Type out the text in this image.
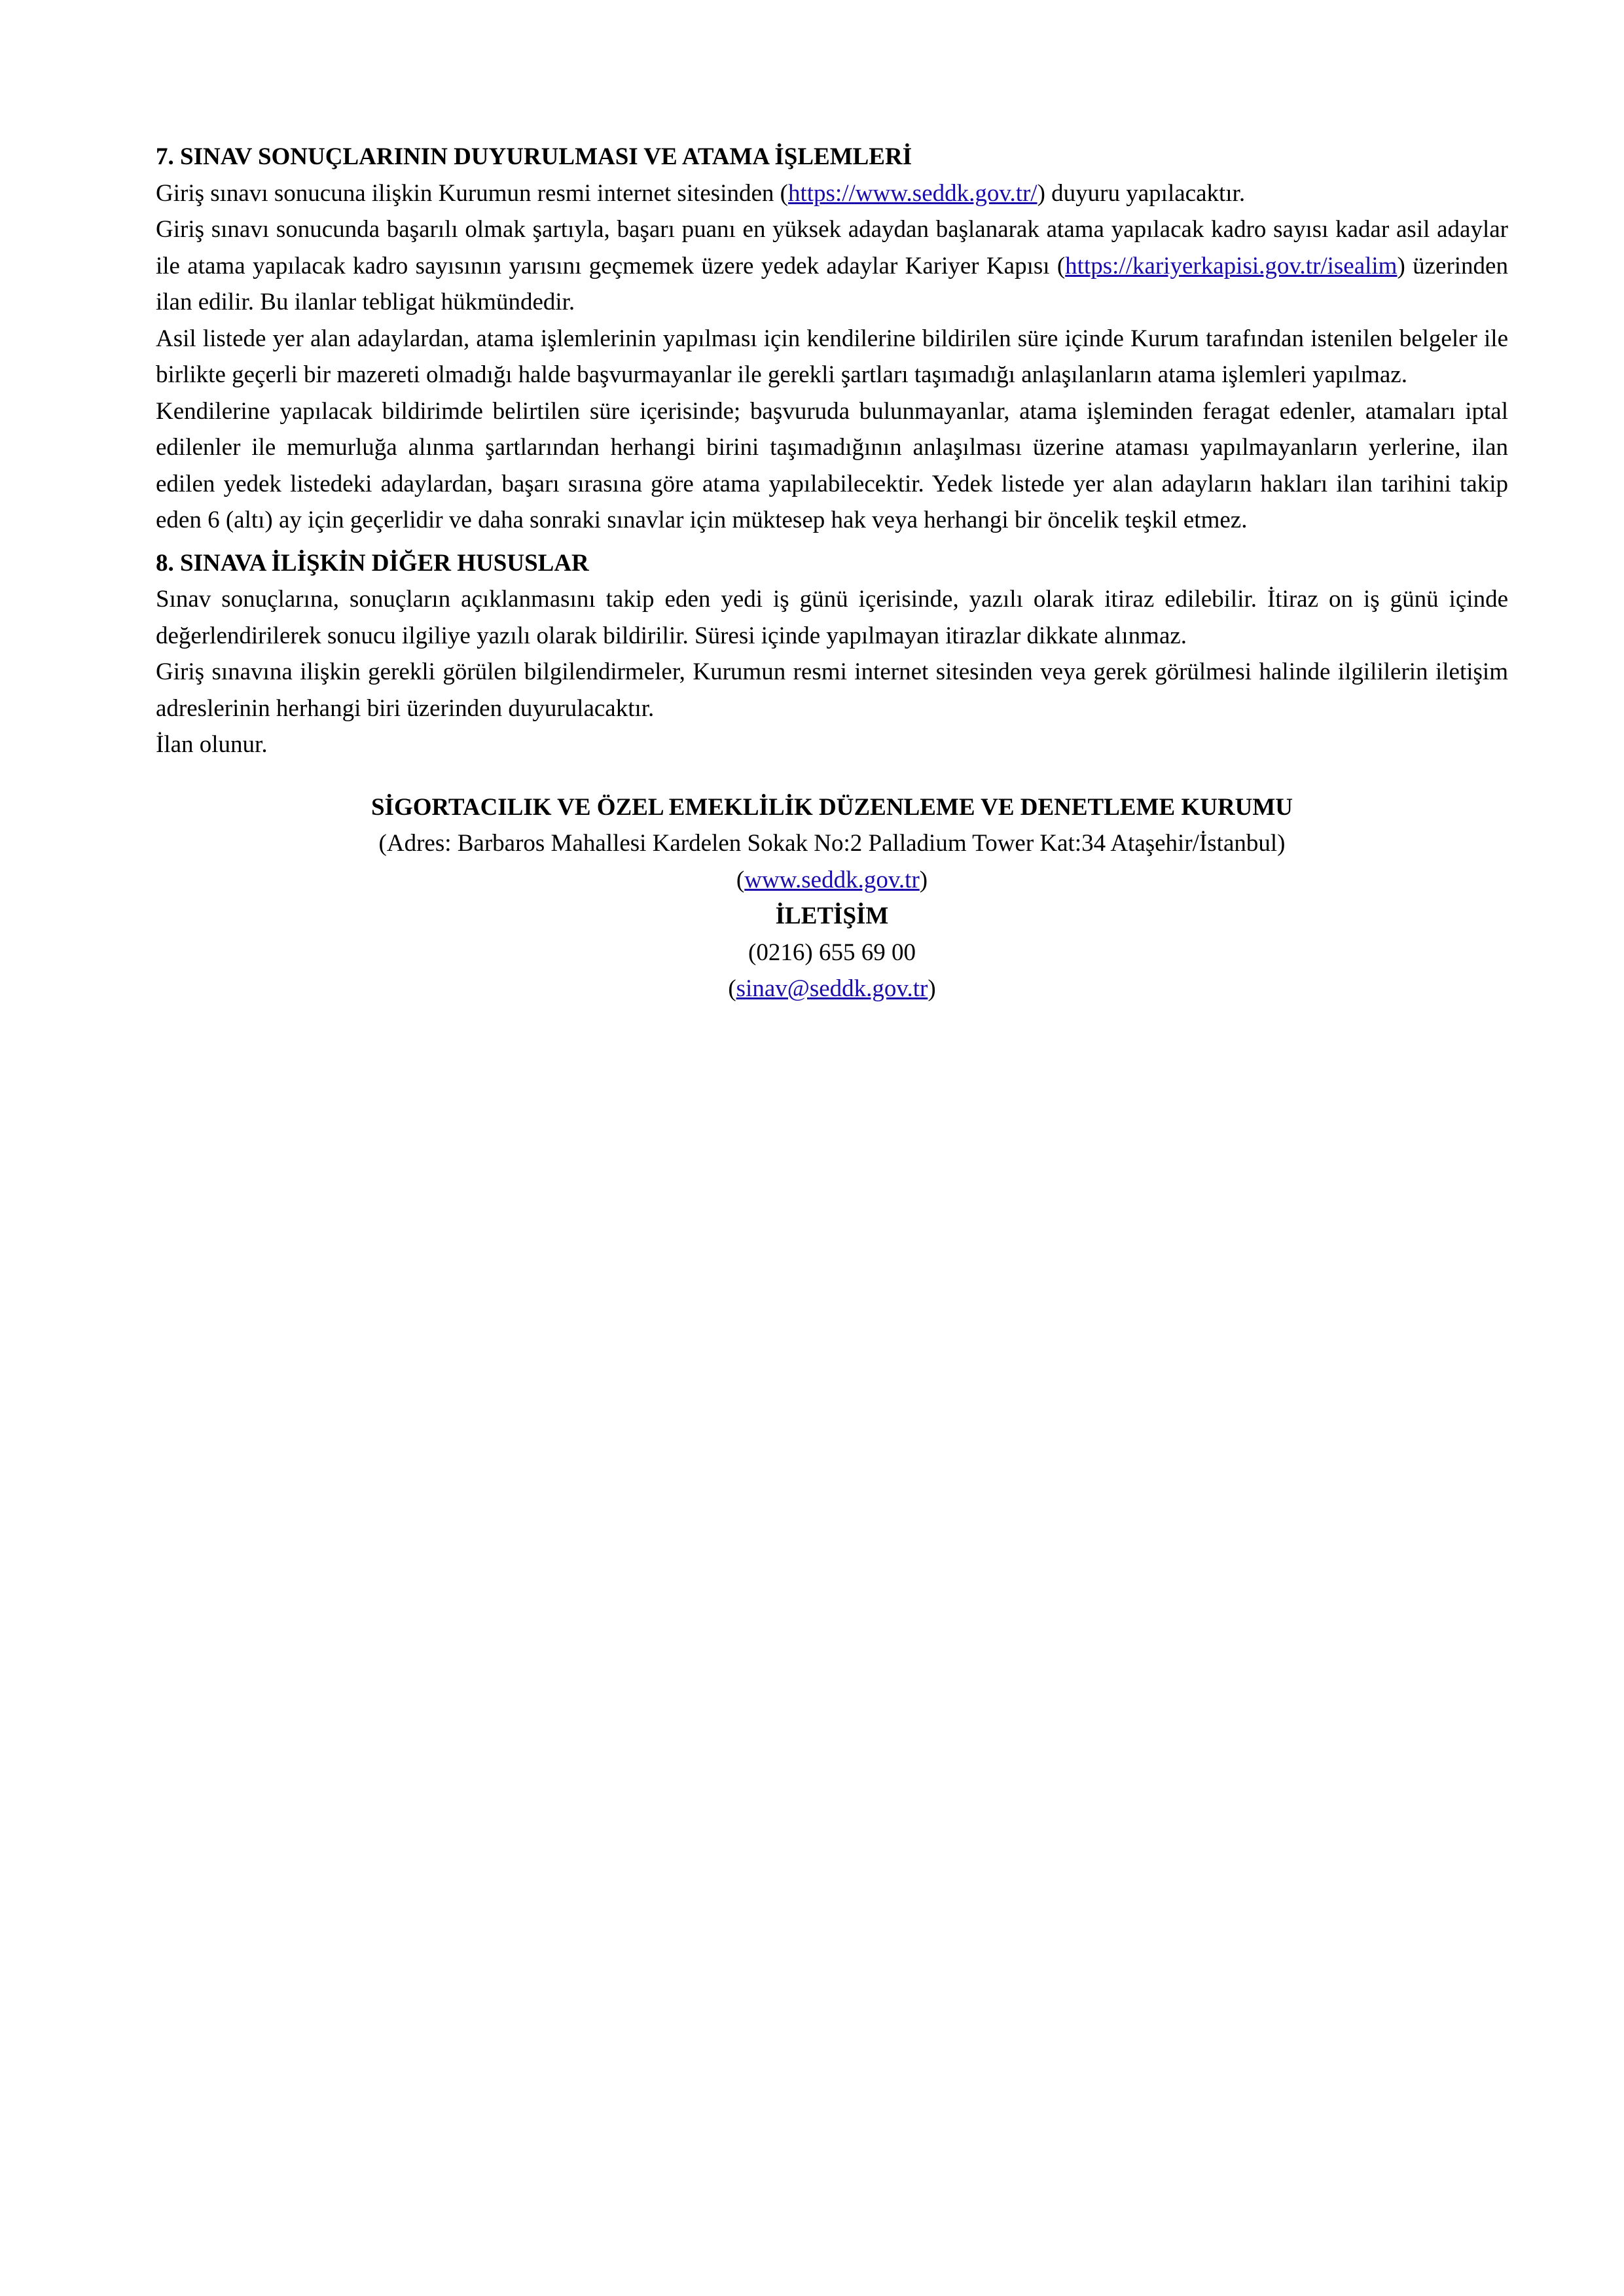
7. SINAV SONUÇLARININ DUYURULMASI VE ATAMA İŞLEMLERİ

Giriş sınavı sonucuna ilişkin Kurumun resmi internet sitesinden (https://www.seddk.gov.tr/) duyuru yapılacaktır.

Giriş sınavı sonucunda başarılı olmak şartıyla, başarı puanı en yüksek adaydan başlanarak atama yapılacak kadro sayısı kadar asil adaylar ile atama yapılacak kadro sayısının yarısını geçmemek üzere yedek adaylar Kariyer Kapısı (https://kariyerkapisi.gov.tr/isealim) üzerinden ilan edilir. Bu ilanlar tebligat hükmündedir.

Asil listede yer alan adaylardan, atama işlemlerinin yapılması için kendilerine bildirilen süre içinde Kurum tarafından istenilen belgeler ile birlikte geçerli bir mazereti olmadığı halde başvurmayanlar ile gerekli şartları taşımadığı anlaşılanların atama işlemleri yapılmaz.

Kendilerine yapılacak bildirimde belirtilen süre içerisinde; başvuruda bulunmayanlar, atama işleminden feragat edenler, atamaları iptal edilenler ile memurluğa alınma şartlarından herhangi birini taşımadığının anlaşılması üzerine ataması yapılmayanların yerlerine, ilan edilen yedek listedeki adaylardan, başarı sırasına göre atama yapılabilecektir. Yedek listede yer alan adayların hakları ilan tarihini takip eden 6 (altı) ay için geçerlidir ve daha sonraki sınavlar için müktesep hak veya herhangi bir öncelik teşkil etmez.

8. SINAVA İLİŞKİN DİĞER HUSUSLAR

Sınav sonuçlarına, sonuçların açıklanmasını takip eden yedi iş günü içerisinde, yazılı olarak itiraz edilebilir. İtiraz on iş günü içinde değerlendirilerek sonucu ilgiliye yazılı olarak bildirilir. Süresi içinde yapılmayan itirazlar dikkate alınmaz.

Giriş sınavına ilişkin gerekli görülen bilgilendirmeler, Kurumun resmi internet sitesinden veya gerek görülmesi halinde ilgililerin iletişim adreslerinin herhangi biri üzerinden duyurulacaktır.

İlan olunur.

SİGORTACILIK VE ÖZEL EMEKLİLİK DÜZENLEME VE DENETLEME KURUMU
(Adres: Barbaros Mahallesi Kardelen Sokak No:2 Palladium Tower Kat:34 Ataşehir/İstanbul)
(www.seddk.gov.tr)
İLETİŞİM
(0216) 655 69 00
(sinav@seddk.gov.tr)
